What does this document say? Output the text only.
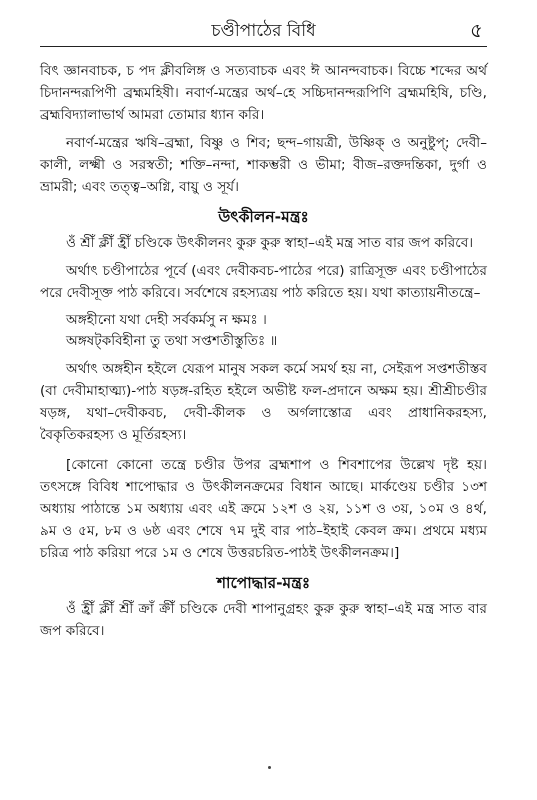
চণ্ডীপাঠের বিধি	৫

বিৎ জ্ঞানবাচক, চ পদ ক্লীবলিঙ্গ ও সত্যবাচক এবং ঈ আনন্দবাচক। বিচ্চে শব্দের অর্থ চিদানন্দরূপিণী ব্রহ্মমহিষী। নবার্ণ-মন্ত্রের অর্থ–হে সচ্চিদানন্দরূপিণি ব্রহ্মমহিষি, চণ্ডি, ব্রহ্মবিদ্যালাভার্থ আমরা তোমার ধ্যান করি।

নবার্ণ-মন্ত্রের ঋষি–ব্রহ্মা, বিষ্ণু ও শিব; ছন্দ–গায়ত্রী, উষ্ণিক্ ও অনুষ্টুপ্; দেবী–কালী, লক্ষ্মী ও সরস্বতী; শক্তি–নন্দা, শাকম্ভরী ও ভীমা; বীজ–রক্তদন্তিকা, দুর্গা ও ভ্রামরী; এবং তত্ত্ব–অগ্নি, বায়ু ও সূর্য।

উৎকীলন-মন্ত্রঃ

ওঁ শ্রীঁ ক্লীঁ হ্রীঁ চণ্ডিকে উৎকীলনং কুরু কুরু স্বাহা–এই মন্ত্র সাত বার জপ করিবে।

অর্থাৎ চণ্ডীপাঠের পূর্বে (এবং দেবীকবচ-পাঠের পরে) রাত্রিসূক্ত এবং চণ্ডীপাঠের পরে দেবীসূক্ত পাঠ করিবে। সর্বশেষে রহস্যত্রয় পাঠ করিতে হয়। যথা কাত্যায়নীতন্ত্রে–

অঙ্গহীনো যথা দেহী সর্বকর্মসু ন ক্ষমঃ ।
অঙ্গষট্‌কবিহীনা তু তথা সপ্তশতীস্তুতিঃ ॥

অর্থাৎ অঙ্গহীন হইলে যেরূপ মানুষ সকল কর্মে সমর্থ হয় না, সেইরূপ সপ্তশতীস্তব (বা দেবীমাহাত্ম্য)-পাঠ ষড়ঙ্গ-রহিত হইলে অভীষ্ট ফল-প্রদানে অক্ষম হয়। শ্রীশ্রীচণ্ডীর ষড়ঙ্গ, যথা–দেবীকবচ, দেবী-কীলক ও অর্গলাস্তোত্র এবং প্রাধানিকরহস্য, বৈকৃতিকরহস্য ও মূর্তিরহস্য।

[কোনো কোনো তন্ত্রে চণ্ডীর উপর ব্রহ্মশাপ ও শিবশাপের উল্লেখ দৃষ্ট হয়। তৎসঙ্গে বিবিধ শাপোদ্ধার ও উৎকীলনক্রমের বিধান আছে। মার্কণ্ডেয় চণ্ডীর ১৩শ অধ্যায় পাঠান্তে ১ম অধ্যায় এবং এই ক্রমে ১২শ ও ২য়, ১১শ ও ৩য়, ১০ম ও ৪র্থ, ৯ম ও ৫ম, ৮ম ও ৬ষ্ঠ এবং শেষে ৭ম দুই বার পাঠ–ইহাই কেবল ক্রম। প্রথমে মধ্যম চরিত্র পাঠ করিয়া পরে ১ম ও শেষে উত্তরচরিত-পাঠই উৎকীলনক্রম।]

শাপোদ্ধার-মন্ত্রঃ

ওঁ হ্রীঁ ক্লীঁ শ্রীঁ ক্রাঁ ক্রীঁ চণ্ডিকে দেবী শাপানুগ্রহং কুরু কুরু স্বাহা–এই মন্ত্র সাত বার জপ করিবে।
